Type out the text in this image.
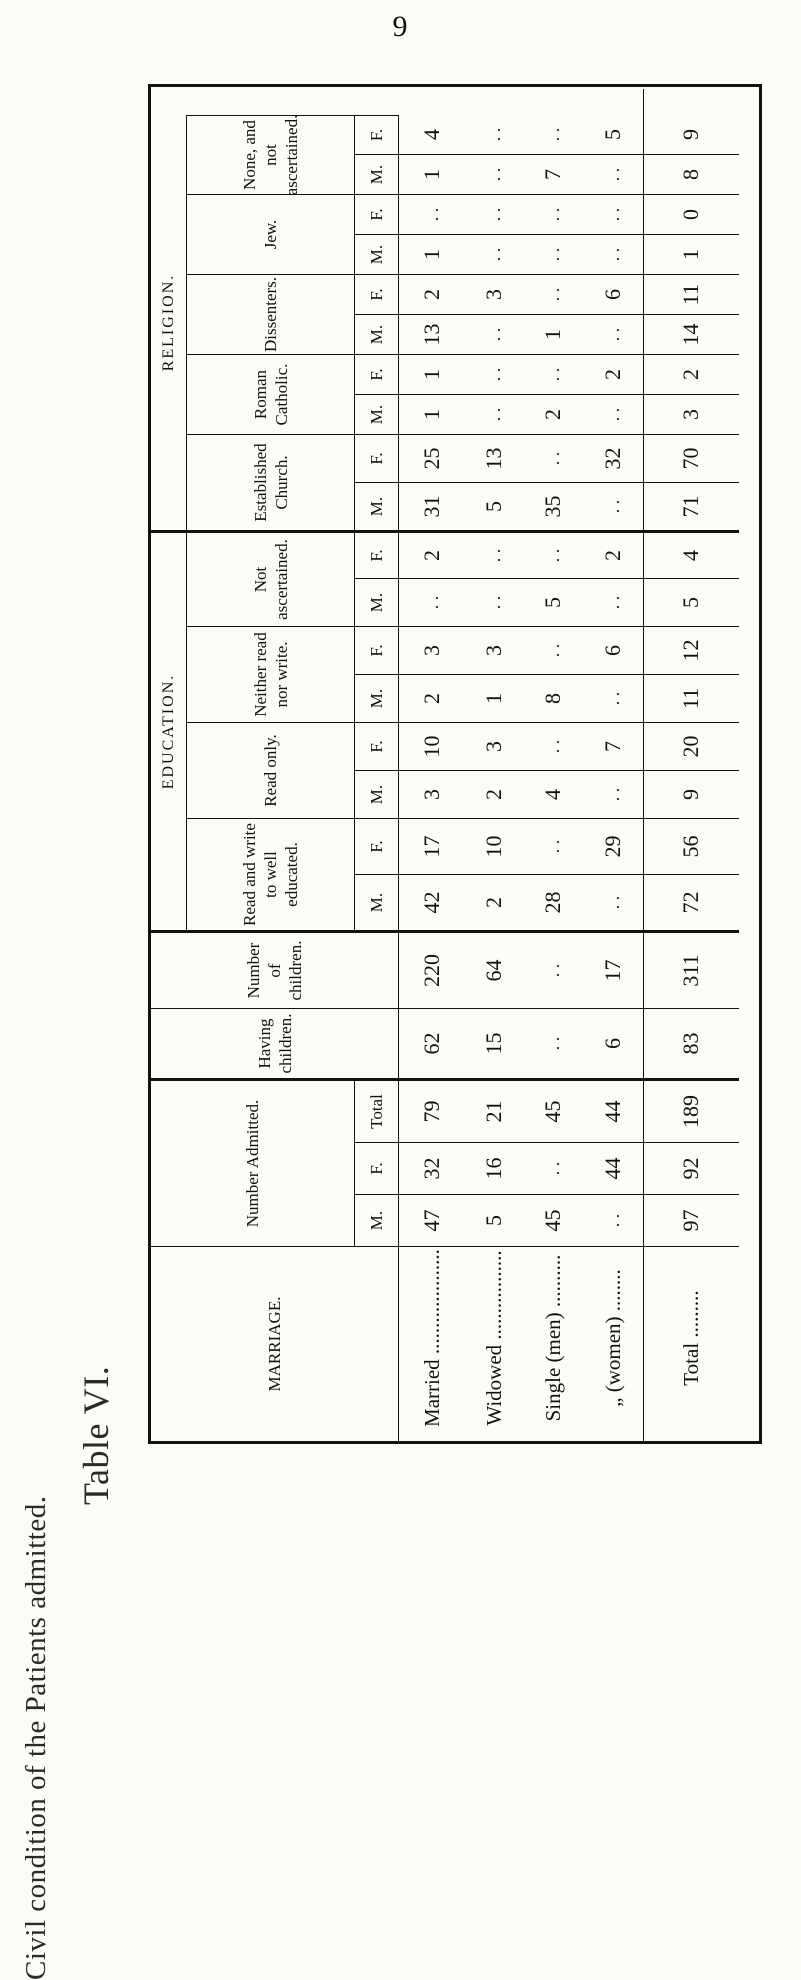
9
Table VI.
Civil condition of the Patients admitted.
EDUCATION.
RELIGION.
MARRIAGE.
Number Admitted.
Having children.
Number of children.
Read and write to well educated.
Read only.
Neither read nor write.
Not ascertained.
Established Church.
Roman Catholic.
Dissenters.
Jew.
None, and not ascertained.
M.
F.
Total
M.
F.
M.
F.
M.
F.
M.
F.
M.
F.
M.
F.
M.
F.
M.
F.
M.
F.
Married ....................
47
32
79
62
220
42
17
3
10
2
3
. .
2
31
25
1
1
13
2
1
. .
1
4
Widowed .................
5
16
21
15
64
2
10
2
3
1
3
. .
. .
5
13
. .
. .
. .
3
. .
. .
. .
. .
Single (men) ..........
45
. .
45
. .
. .
28
. .
4
. .
8
. .
5
. .
35
. .
2
. .
1
. .
. .
. .
7
. .
„ (women) ........
. .
44
44
6
17
. .
29
. .
7
. .
6
. .
2
. .
32
. .
2
. .
6
. .
. .
. .
5
Total .........
97
92
189
83
311
72
56
9
20
11
12
5
4
71
70
3
2
14
11
1
0
8
9
